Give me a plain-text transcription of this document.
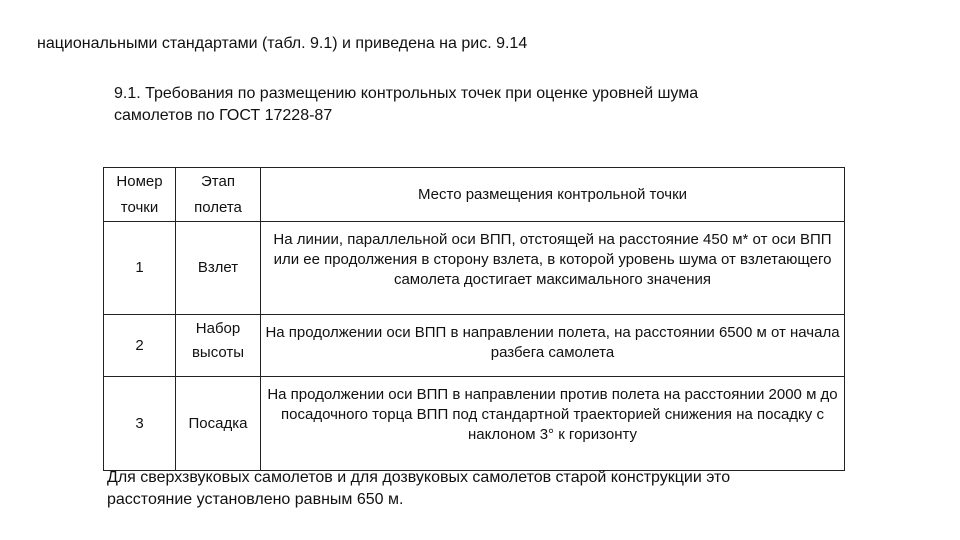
национальными стандартами (табл. 9.1) и приведена на рис. 9.14
9.1. Требования по размещению контрольных точек при оценке уровней шума
самолетов по ГОСТ 17228-87
Номер точки	Этап полета	Место размещения контрольной точки
1	Взлет	На линии, параллельной оси ВПП, отстоящей на расстояние 450 м* от оси ВПП или ее продолжения в сторону взлета, в которой уровень шума от взлетающего самолета достигает максимального значения
2	Набор высоты	На продолжении оси ВПП в направлении полета, на расстоянии 6500 м от начала разбега самолета
3	Посадка	На продолжении оси ВПП в направлении против полета на расстоянии 2000 м до посадочного торца ВПП под стандартной траекторией снижения на посадку с наклоном 3° к горизонту
Для сверхзвуковых самолетов и для дозвуковых самолетов старой конструкции это
расстояние установлено равным 650 м.
